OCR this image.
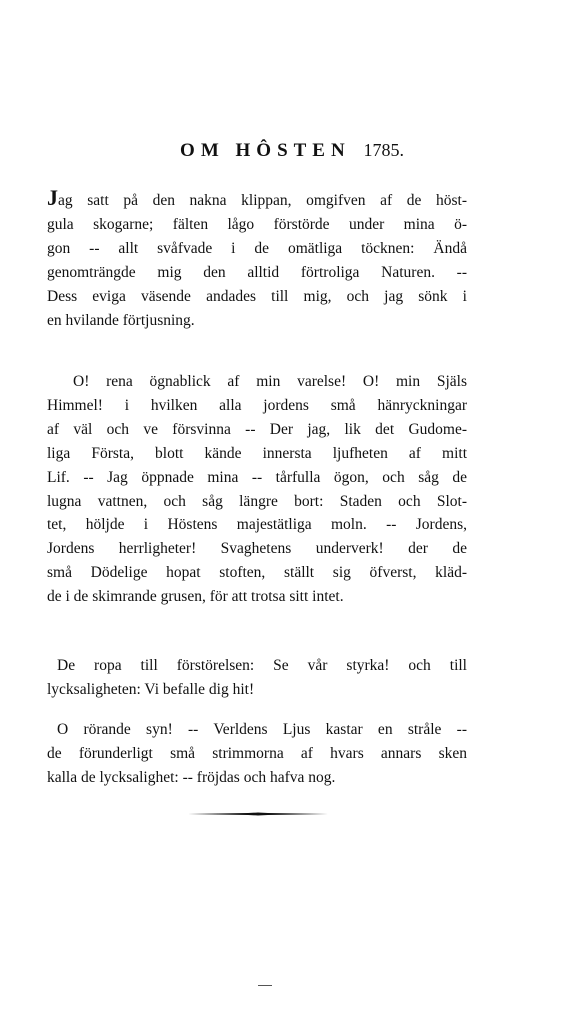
OM HÔSTEN 1785.
Jag satt på den nakna klippan, omgifven af de höst-
gula skogarne; fälten lågo förstörde under mina ö-
gon -- allt svåfvade i de omätliga töcknen: Ändå
genomträngde mig den alltid förtroliga Naturen. --
Dess eviga väsende andades till mig, och jag sönk i
en hvilande förtjusning.
O! rena ögnablick af min varelse! O! min Själs
Himmel! i hvilken alla jordens små hänryckningar
af väl och ve försvinna -- Der jag, lik det Gudome-
liga Första, blott kände innersta ljufheten af mitt
Lif. -- Jag öppnade mina -- tårfulla ögon, och såg de
lugna vattnen, och såg längre bort: Staden och Slot-
tet, höljde i Höstens majestätliga moln. -- Jordens,
Jordens herrligheter! Svaghetens underverk! der de
små Dödelige hopat stoften, ställt sig öfverst, kläd-
de i de skimrande grusen, för att trotsa sitt intet.
De ropa till förstörelsen: Se vår styrka! och till
lycksaligheten: Vi befalle dig hit!
O rörande syn! -- Verldens Ljus kastar en stråle --
de förunderligt små strimmorna af hvars annars sken
kalla de lycksalighet: -- fröjdas och hafva nog.
